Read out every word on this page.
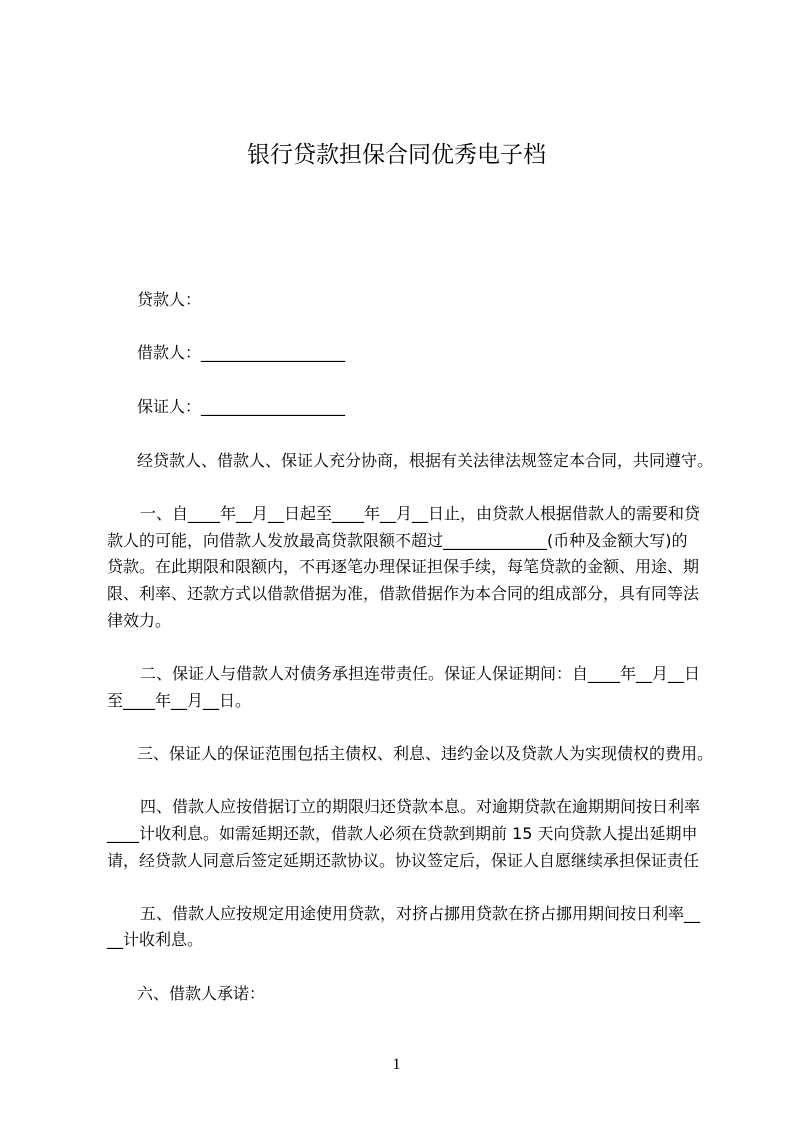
银行贷款担保合同优秀电子档
贷款人：
借款人：__________________
保证人：__________________
经贷款人、借款人、保证人充分协商，根据有关法律法规签定本合同，共同遵守。
一、自____年__月__日起至____年__月__日止，由贷款人根据借款人的需要和贷
款人的可能，向借款人发放最高贷款限额不超过_____________(币种及金额大写)的
贷款。在此期限和限额内，不再逐笔办理保证担保手续，每笔贷款的金额、用途、期
限、利率、还款方式以借款借据为准，借款借据作为本合同的组成部分，具有同等法
律效力。
二、保证人与借款人对债务承担连带责任。保证人保证期间：自____年__月__日
至____年__月__日。
三、保证人的保证范围包括主债权、利息、违约金以及贷款人为实现债权的费用。
四、借款人应按借据订立的期限归还贷款本息。对逾期贷款在逾期期间按日利率
____计收利息。如需延期还款，借款人必须在贷款到期前 15 天向贷款人提出延期申
请，经贷款人同意后签定延期还款协议。协议签定后，保证人自愿继续承担保证责任
五、借款人应按规定用途使用贷款，对挤占挪用贷款在挤占挪用期间按日利率__
__计收利息。
六、借款人承诺：
1
